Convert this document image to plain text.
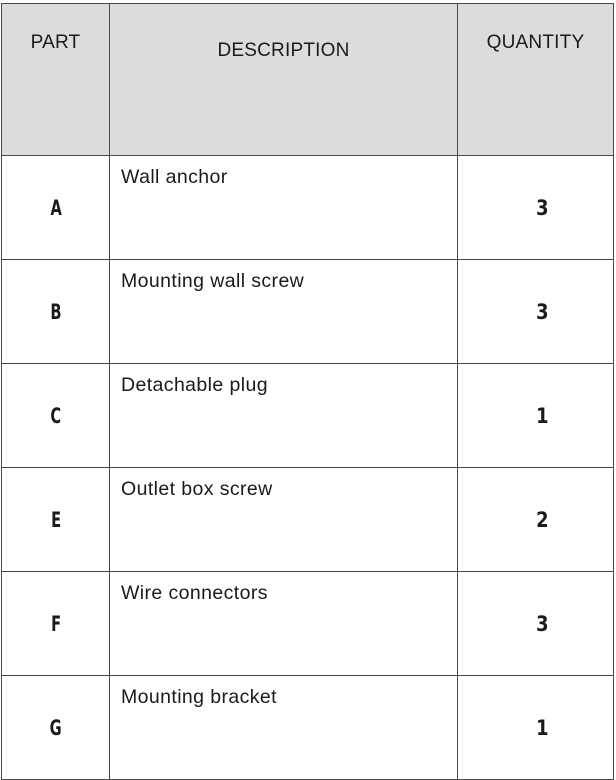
PART	DESCRIPTION	QUANTITY
A	Wall anchor	3
B	Mounting wall screw	3
C	Detachable plug	1
E	Outlet box screw	2
F	Wire connectors	3
G	Mounting bracket	1
